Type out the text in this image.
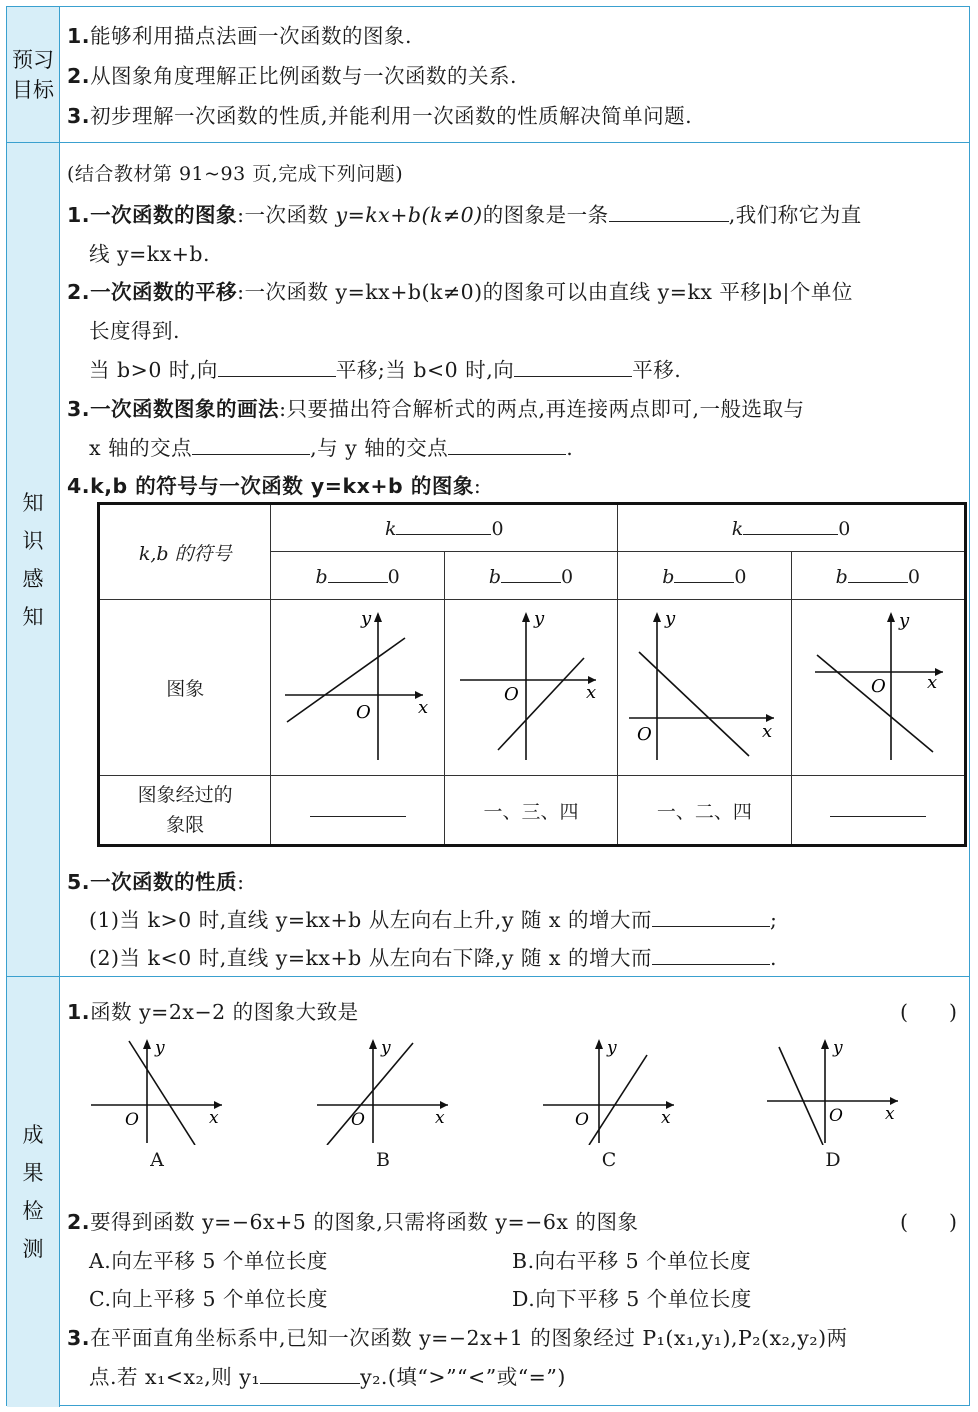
预习目标
1.能够利用描点法画一次函数的图象.
2.从图象角度理解正比例函数与一次函数的关系.
3.初步理解一次函数的性质,并能利用一次函数的性质解决简单问题.
知识感知
(结合教材第 91~93 页,完成下列问题)
1.一次函数的图象:一次函数 y=kx+b(k≠0)的图象是一条	,我们称它为直
线 y=kx+b.
2.一次函数的平移:一次函数 y=kx+b(k≠0)的图象可以由直线 y=kx 平移|b|个单位
长度得到.
当 b>0 时,向	平移;当 b<0 时,向	平移.
3.一次函数图象的画法:只要描出符合解析式的两点,再连接两点即可,一般选取与
x 轴的交点	,与 y 轴的交点	.
4.k,b 的符号与一次函数 y=kx+b 的图象:
5.一次函数的性质:
(1)当 k>0 时,直线 y=kx+b 从左向右上升,y 随 x 的增大而	;
(2)当 k<0 时,直线 y=kx+b 从左向右下降,y 随 x 的增大而	.
k,b 的符号	k 0		k 0	
	b 0	b 0	b 0	b 0
图象	x
y
O	x
y
O	x
y
O	x
y
O

图象经过的象限		一、三、四	一、二、四	
成果检测
1.函数 y=2x−2 的图象大致是	(　　)
x
y
O
A
x
y
O
B
x
y
O
C
x
y
O
D
2.要得到函数 y=−6x+5 的图象,只需将函数 y=−6x 的图象	(　　)
A.向左平移 5 个单位长度	B.向右平移 5 个单位长度
C.向上平移 5 个单位长度	D.向下平移 5 个单位长度
3.在平面直角坐标系中,已知一次函数 y=−2x+1 的图象经过 P₁(x₁,y₁),P₂(x₂,y₂)两
点.若 x₁<x₂,则 y₁	y₂.(填“>”“<”或“=”)
